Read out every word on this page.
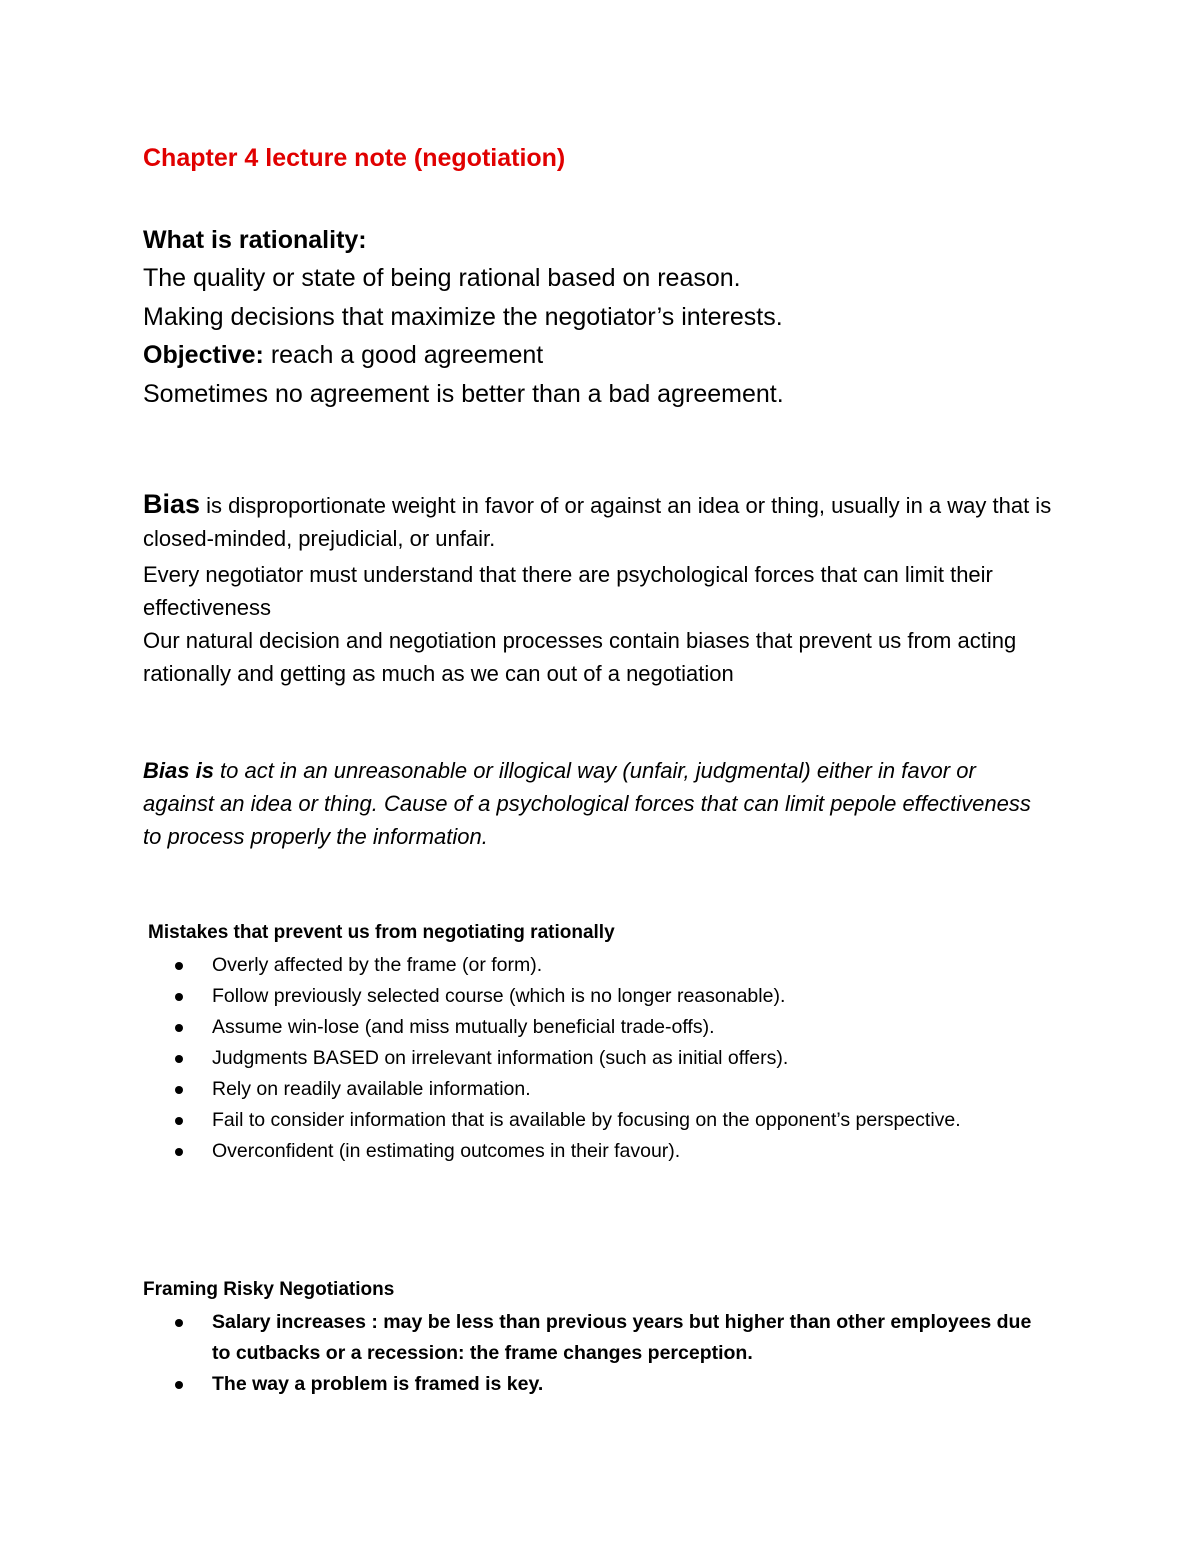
Chapter 4 lecture note (negotiation)

What is rationality:

The quality or state of being rational based on reason.

Making decisions that maximize the negotiator’s interests.

Objective: reach a good agreement

Sometimes no agreement is better than a bad agreement.

Bias is disproportionate weight in favor of or against an idea or thing, usually in a way that is closed-minded, prejudicial, or unfair.

Every negotiator must understand that there are psychological forces that can limit their effectiveness

Our natural decision and negotiation processes contain biases that prevent us from acting rationally and getting as much as we can out of a negotiation

Bias is to act in an unreasonable or illogical way (unfair, judgmental) either in favor or against an idea or thing. Cause of a psychological forces that can limit pepole effectiveness to process properly the information.

Mistakes that prevent us from negotiating rationally

Overly affected by the frame (or form).
Follow previously selected course (which is no longer reasonable).
Assume win-lose (and miss mutually beneficial trade-offs).
Judgments BASED on irrelevant information (such as initial offers).
Rely on readily available information.
Fail to consider information that is available by focusing on the opponent’s perspective.
Overconfident (in estimating outcomes in their favour).

Framing Risky Negotiations

Salary increases : may be less than previous years but higher than other employees due to cutbacks or a recession: the frame changes perception.
The way a problem is framed is key.
